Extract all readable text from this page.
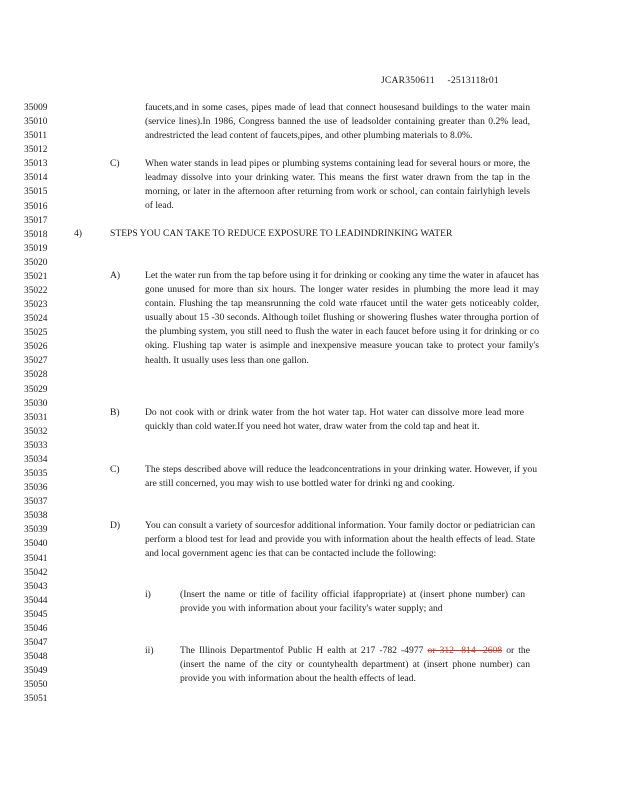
JCAR350611 -2513118r01
35009
35010
35011
35012
35013
35014
35015
35016
35017
35018
35019
35020
35021
35022
35023
35024
35025
35026
35027
35028
35029
35030
35031
35032
35033
35034
35035
35036
35037
35038
35039
35040
35041
35042
35043
35044
35045
35046
35047
35048
35049
35050
35051
faucets,and in some cases, pipes made of lead that connect housesand buildings to the water main (service lines).In 1986, Congress banned the use of leadsolder containing greater than 0.2% lead, andrestricted the lead content of faucets,pipes, and other plumbing materials to 8.0%.
C)	When water stands in lead pipes or plumbing systems containing lead for several hours or more, the leadmay dissolve into your drinking water. This means the first water drawn from the tap in the morning, or later in the afternoon after returning from work or school, can contain fairlyhigh levels of lead.
4)	STEPS YOU CAN TAKE TO REDUCE EXPOSURE TO LEADINDRINKING WATER
A)	Let the water run from the tap before using it for drinking or cooking any time the water in afaucet has gone unused for more than six hours. The longer water resides in plumbing the more lead it may contain. Flushing the tap meansrunning the cold wate rfaucet until the water gets noticeably colder, usually about 15 -30 seconds. Although toilet flushing or showering flushes water througha portion of the plumbing system, you still need to flush the water in each faucet before using it for drinking or co oking. Flushing tap water is asimple and inexpensive measure youcan take to protect your family's health. It usually uses less than one gallon.
B)	Do not cook with or drink water from the hot water tap. Hot water can dissolve more lead more quickly than cold water.If you need hot water, draw water from the cold tap and heat it.
C)	The steps described above will reduce the leadconcentrations in your drinking water. However, if you are still concerned, you may wish to use bottled water for drinki ng and cooking.
D)	You can consult a variety of sourcesfor additional information. Your family doctor or pediatrician can perform a blood test for lead and provide you with information about the health effects of lead. State and local government agenc ies that can be contacted include the following:
i)	(Insert the name or title of facility official ifappropriate) at (insert phone number) can provide you with information about your facility's water supply; and
ii)	The Illinois Departmentof Public H ealth at 217 -782 -4977 or 312 -814 -2608 or the (insert the name of the city or countyhealth department) at (insert phone number) can provide you with information about the health effects of lead.
